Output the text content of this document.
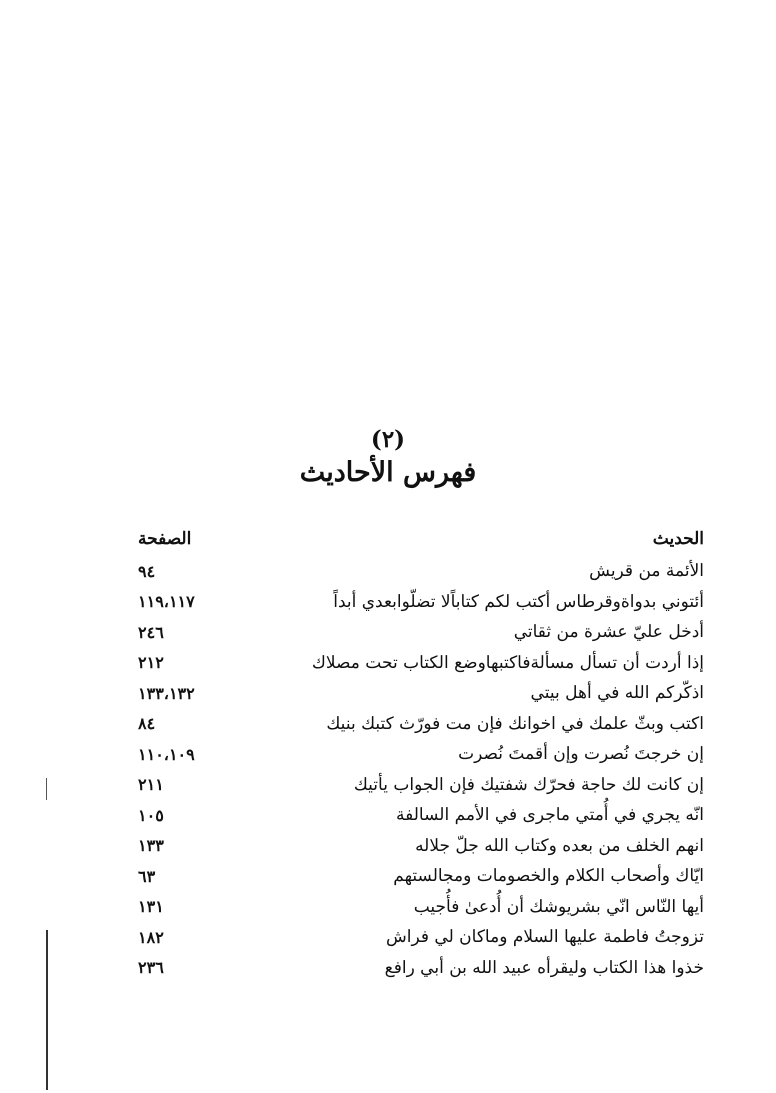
(٢)
فهرس الأحاديث
الحديث
الصفحة
الأئمة من قريش
٩٤
أئتوني بدواةوقرطاس أكتب لكم كتاباًلا تضلّوابعدي أبداً
١١٩،١١٧
أدخل عليّ عشرة من ثقاتي
٢٤٦
إذا أردت أن تسأل مسألةفاكتبهاوضع الكتاب تحت مصلاك
٢١٢
اذكّركم الله في أهل بيتي
١٣٣،١٣٢
اكتب وبثّ علمك في اخوانك فإن مت فورّث كتبك بنيك
٨٤
إن خرجتَ نُصرت وإن أقمتَ نُصرت
١١٠،١٠٩
إن كانت لك حاجة فحرّك شفتيك فإن الجواب يأتيك
٢١١
انّه يجري في أُمتي ماجرى في الأمم السالفة
١٠٥
انهم الخلف من بعده وكتاب الله جلّ جلاله
١٣٣
ايّاك وأصحاب الكلام والخصومات ومجالستهم
٦٣
أيها النّاس انّي بشريوشك أن أُدعىٰ فأُجيب
١٣١
تزوجتُ فاطمة عليها السلام وماكان لي فراش
١٨٢
خذوا هذا الكتاب وليقرأه عبيد الله بن أبي رافع
٢٣٦
